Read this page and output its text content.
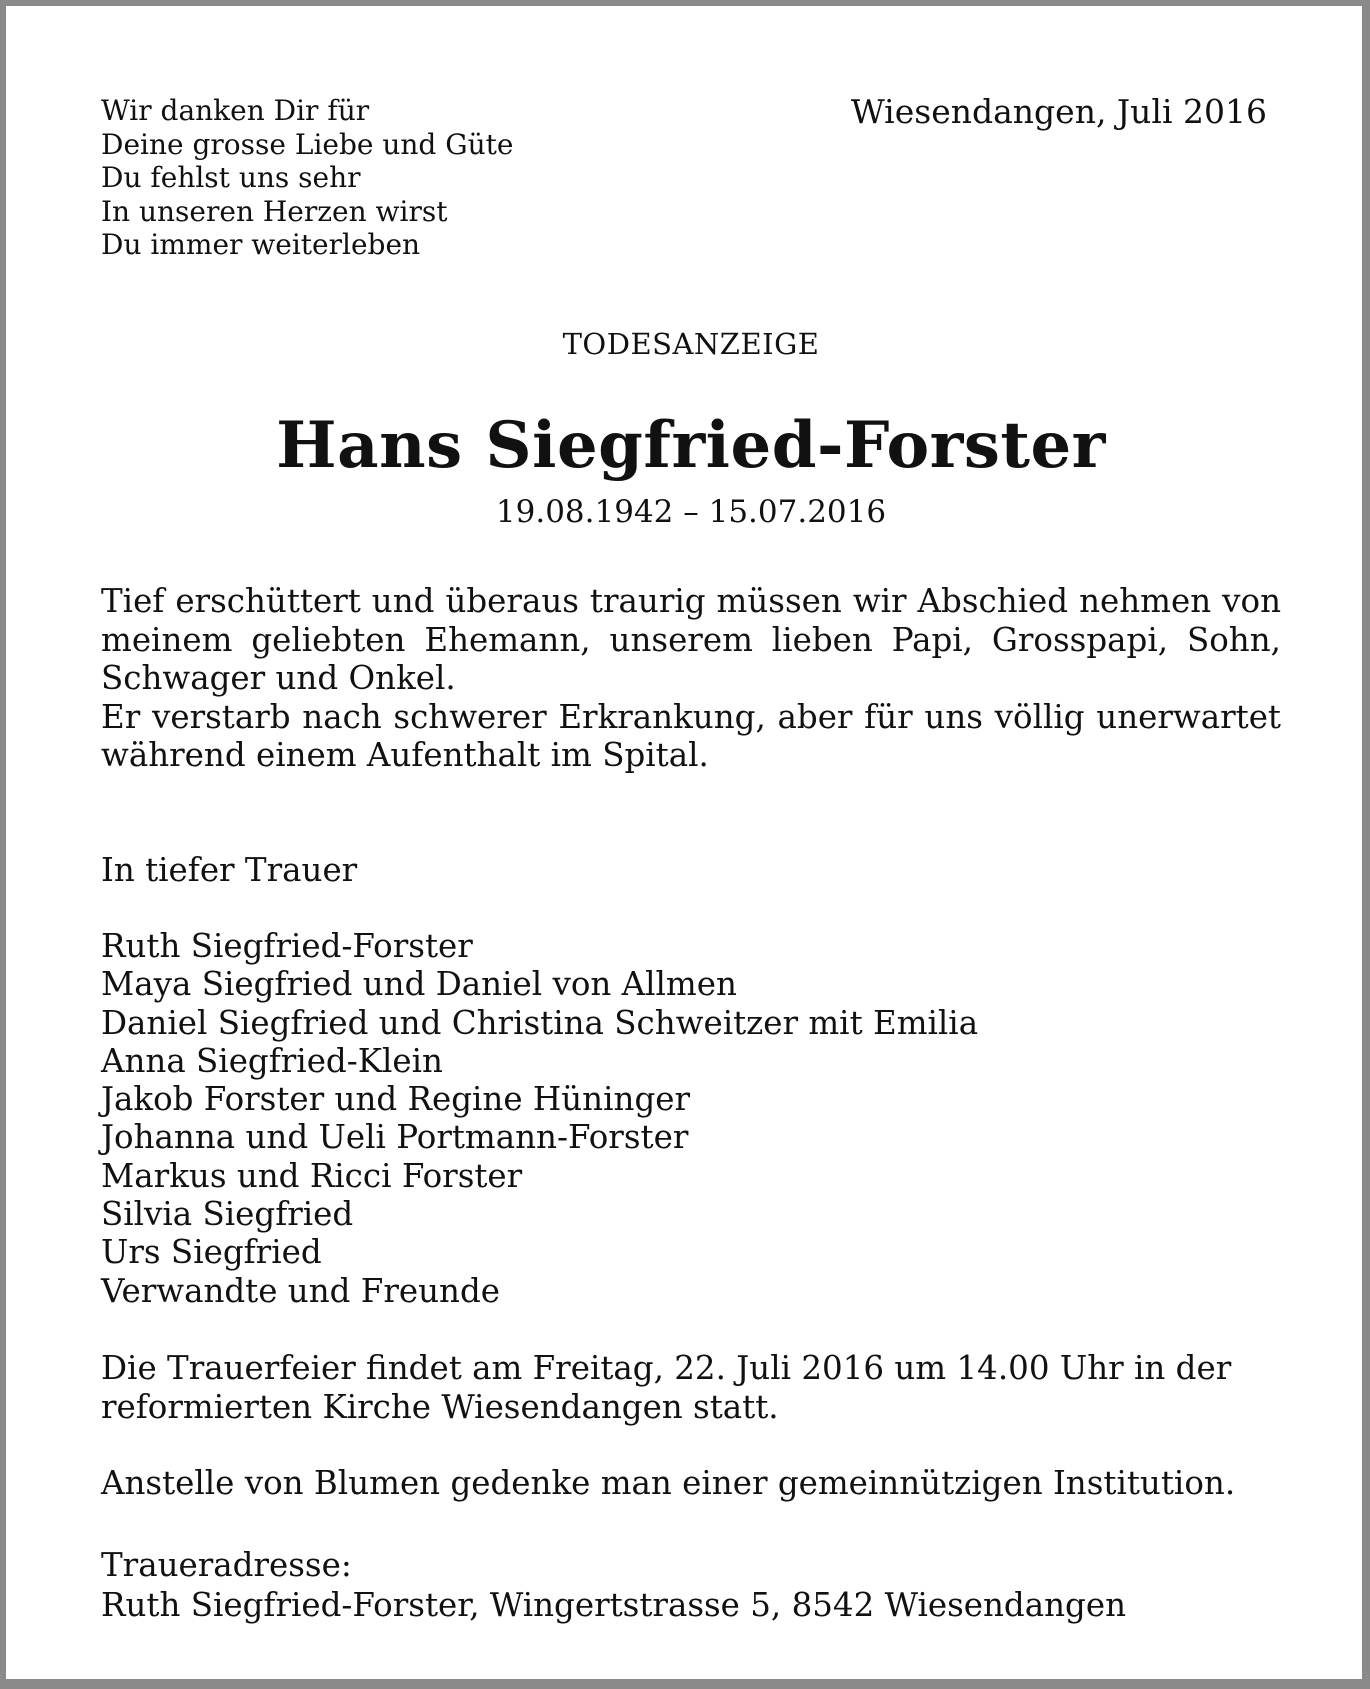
Wir danken Dir für
Deine grosse Liebe und Güte
Du fehlst uns sehr
In unseren Herzen wirst
Du immer weiterleben
Wiesendangen, Juli 2016
TODESANZEIGE
Hans Siegfried-Forster
19.08.1942 – 15.07.2016

Tief erschüttert und überaus traurig müssen wir Abschied nehmen von meinem geliebten Ehemann, unserem lieben Papi, Grosspapi, Sohn, Schwager und Onkel.

Er verstarb nach schwerer Erkrankung, aber für uns völlig unerwartet während einem Aufenthalt im Spital.

In tiefer Trauer
Ruth Siegfried-Forster
Maya Siegfried und Daniel von Allmen
Daniel Siegfried und Christina Schweitzer mit Emilia
Anna Siegfried-Klein
Jakob Forster und Regine Hüninger
Johanna und Ueli Portmann-Forster
Markus und Ricci Forster
Silvia Siegfried
Urs Siegfried
Verwandte und Freunde
Die Trauerfeier findet am Freitag, 22. Juli 2016 um 14.00 Uhr in der reformierten Kirche Wiesendangen statt.
Anstelle von Blumen gedenke man einer gemeinnützigen Institution.
Traueradresse:
Ruth Siegfried-Forster, Wingertstrasse 5, 8542 Wiesendangen
